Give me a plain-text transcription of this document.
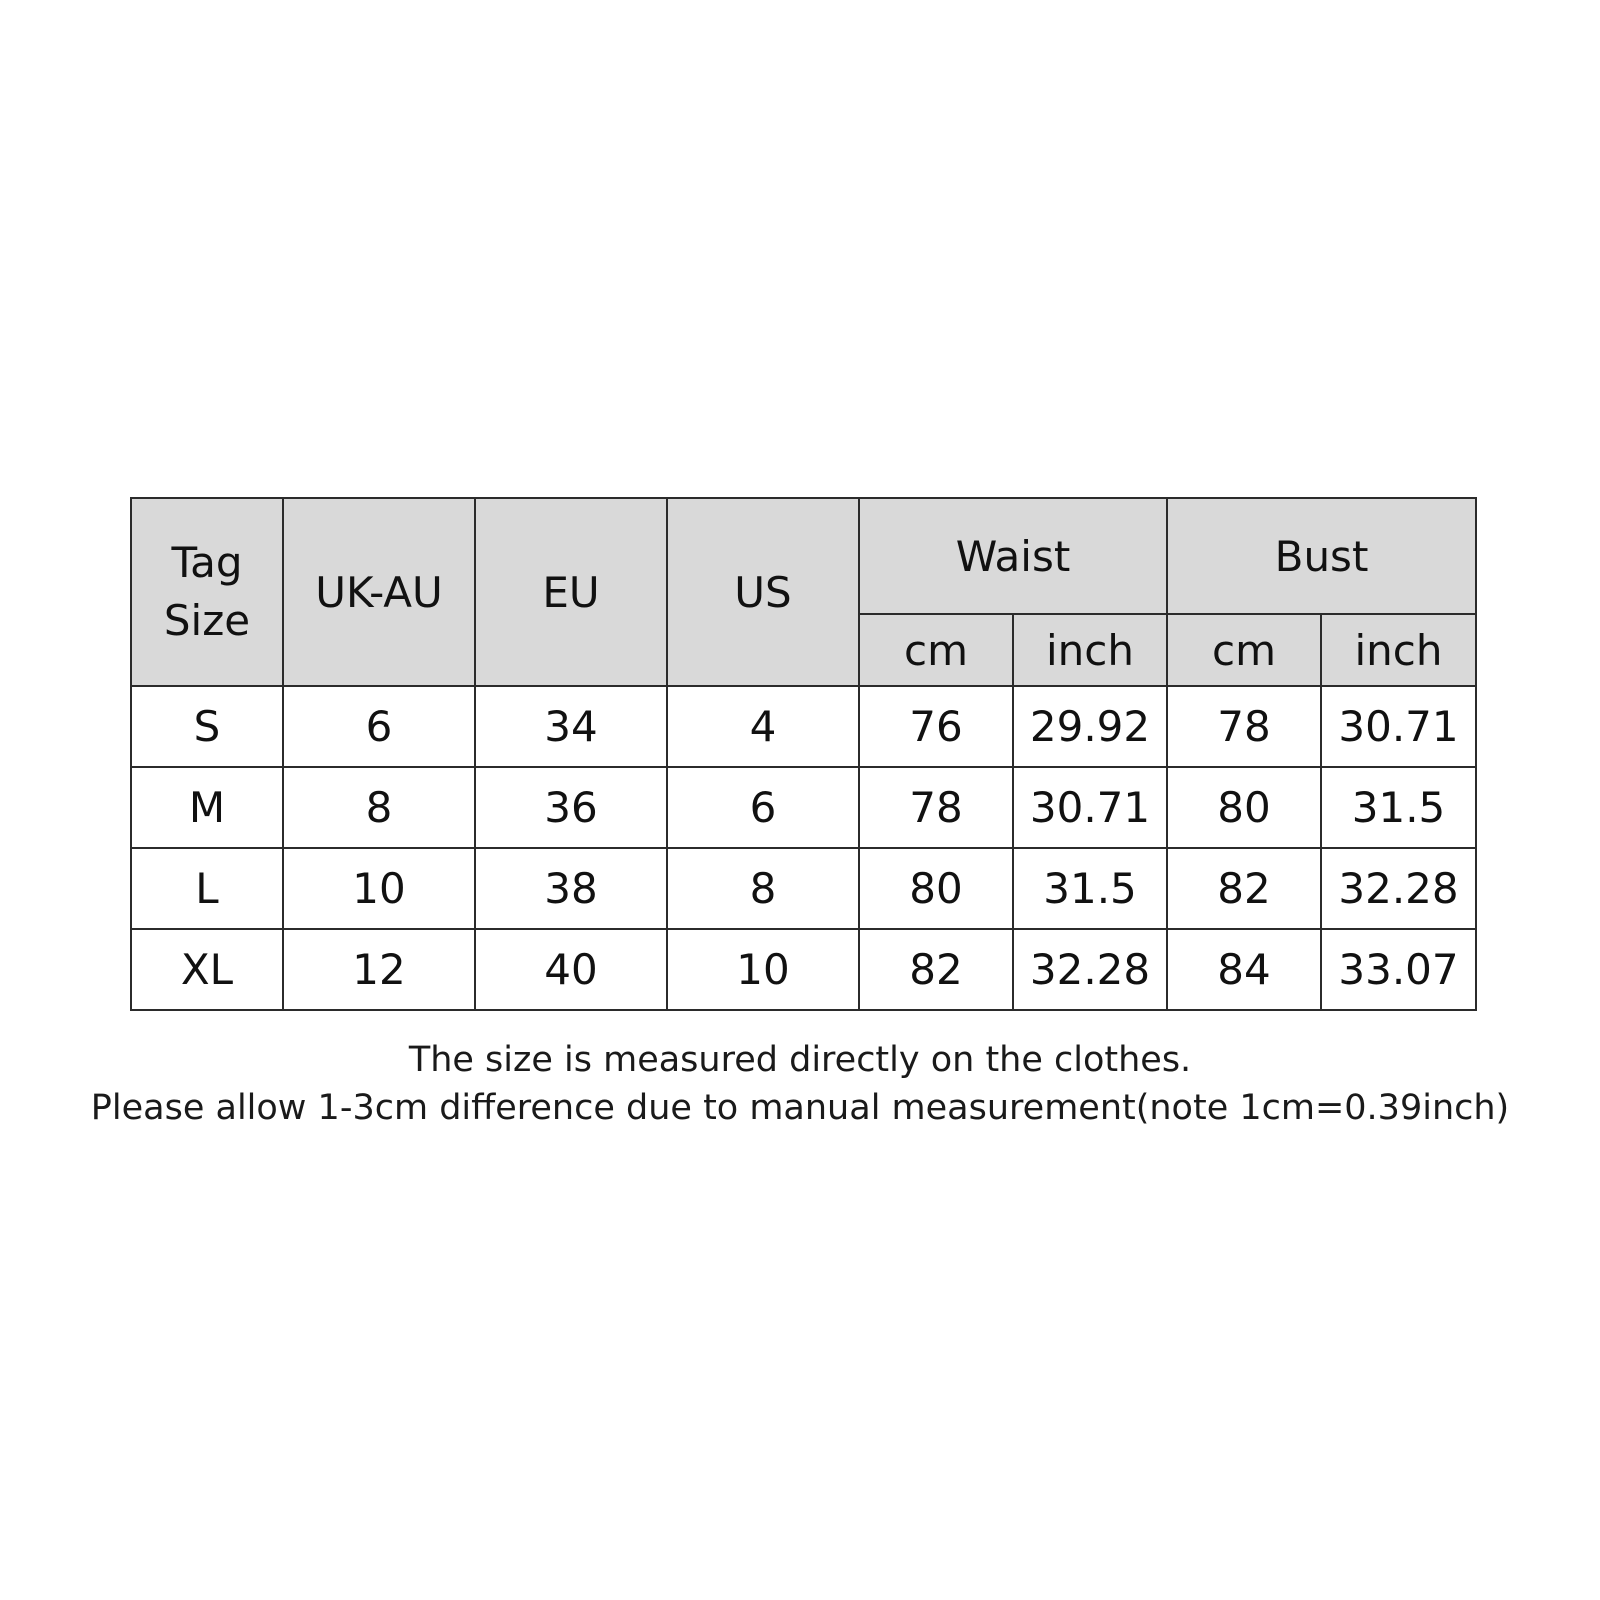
Tag
Size	UK-AU	EU	US	Waist		Bust	
				cm	inch	cm	inch
S	6	34	4	76	29.92	78	30.71
M	8	36	6	78	30.71	80	31.5
L	10	38	8	80	31.5	82	32.28
XL	12	40	10	82	32.28	84	33.07
The size is measured directly on the clothes.
Please allow 1-3cm difference due to manual measurement(note 1cm=0.39inch)
